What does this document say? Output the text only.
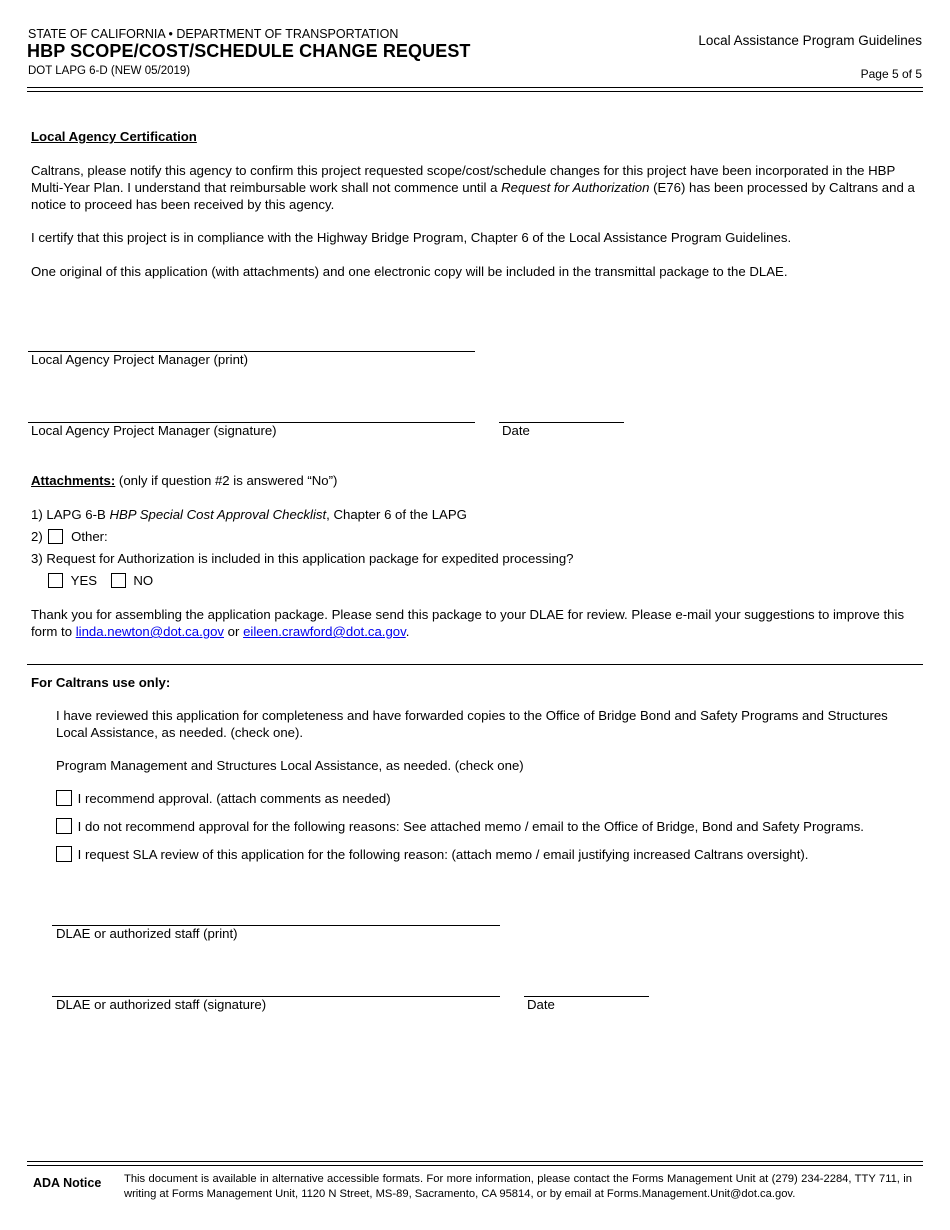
STATE OF CALIFORNIA • DEPARTMENT OF TRANSPORTATION
HBP SCOPE/COST/SCHEDULE CHANGE REQUEST
DOT LAPG 6-D (NEW 05/2019)
Local Assistance Program Guidelines
Page 5 of 5
Local Agency Certification
Caltrans, please notify this agency to confirm this project requested scope/cost/schedule changes for this project have been incorporated in the HBP Multi-Year Plan. I understand that reimbursable work shall not commence until a Request for Authorization (E76) has been processed by Caltrans and a notice to proceed has been received by this agency.
I certify that this project is in compliance with the Highway Bridge Program, Chapter 6 of the Local Assistance Program Guidelines.
One original of this application (with attachments) and one electronic copy will be included in the transmittal package to the DLAE.
Local Agency Project Manager (print)
Local Agency Project Manager (signature)	Date
Attachments: (only if question #2 is answered “No”)
1) LAPG 6-B HBP Special Cost Approval Checklist, Chapter 6 of the LAPG
2) Other:
3) Request for Authorization is included in this application package for expedited processing?
YES	NO
Thank you for assembling the application package. Please send this package to your DLAE for review. Please e-mail your suggestions to improve this form to linda.newton@dot.ca.gov or eileen.crawford@dot.ca.gov.
For Caltrans use only:
I have reviewed this application for completeness and have forwarded copies to the Office of Bridge Bond and Safety Programs and Structures Local Assistance, as needed. (check one).
Program Management and Structures Local Assistance, as needed. (check one)
I recommend approval. (attach comments as needed)
I do not recommend approval for the following reasons: See attached memo / email to the Office of Bridge, Bond and Safety Programs.
I request SLA review of this application for the following reason: (attach memo / email justifying increased Caltrans oversight).
DLAE or authorized staff (print)
DLAE or authorized staff (signature)	Date
ADA Notice This document is available in alternative accessible formats. For more information, please contact the Forms Management Unit at (279) 234-2284, TTY 711, in writing at Forms Management Unit, 1120 N Street, MS-89, Sacramento, CA 95814, or by email at Forms.Management.Unit@dot.ca.gov.
